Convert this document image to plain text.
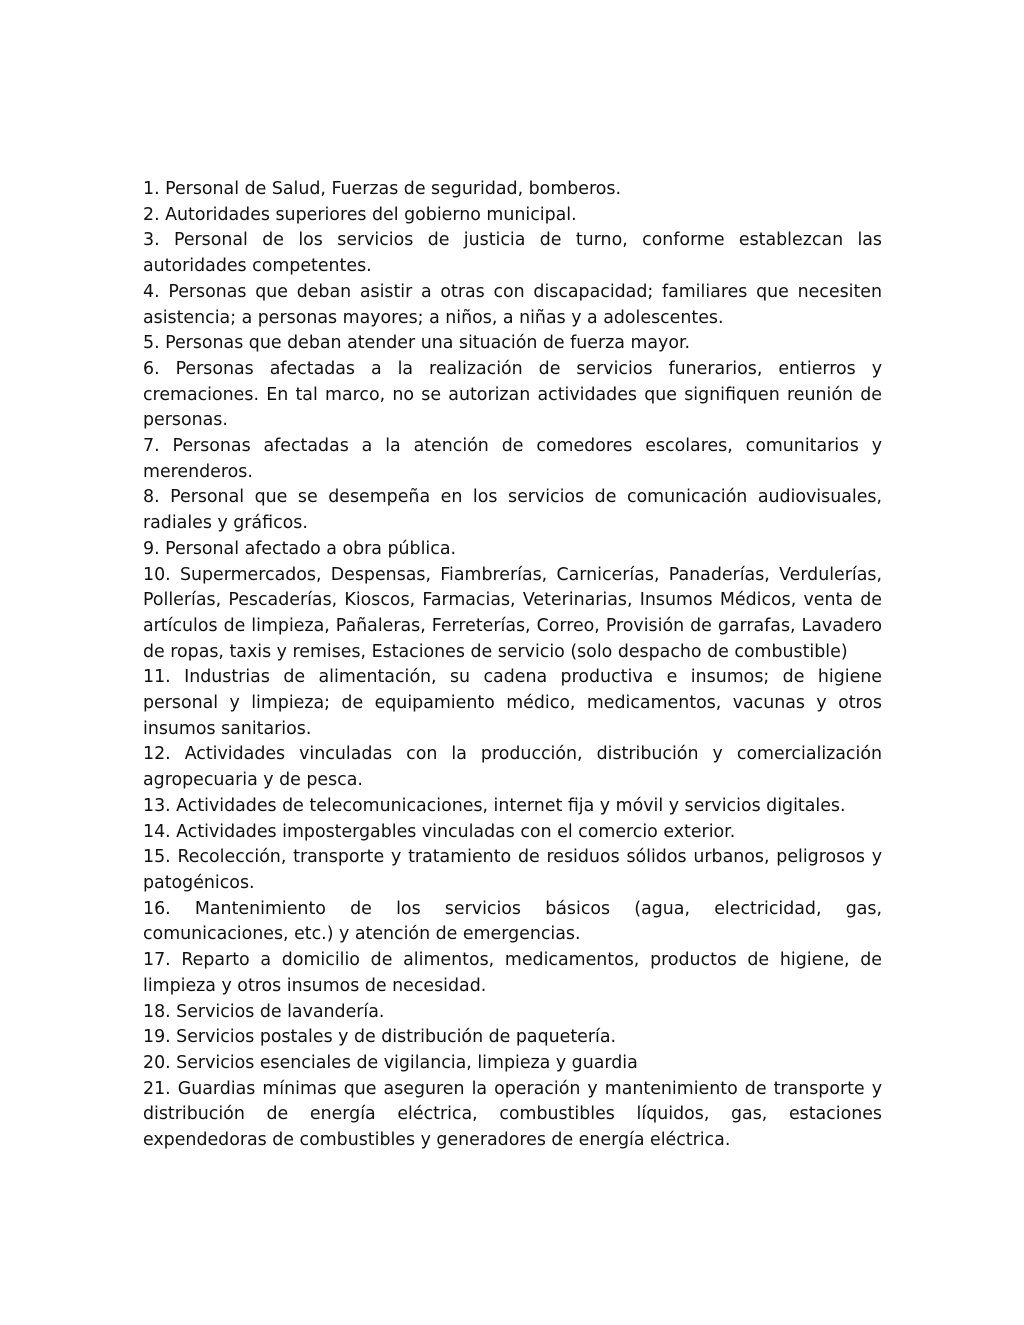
1. Personal de Salud, Fuerzas de seguridad, bomberos.

2. Autoridades superiores del gobierno municipal.

3. Personal de los servicios de justicia de turno, conforme establezcan las autoridades competentes.

4. Personas que deban asistir a otras con discapacidad; familiares que necesiten asistencia; a personas mayores; a niños, a niñas y a adolescentes.

5. Personas que deban atender una situación de fuerza mayor.

6. Personas afectadas a la realización de servicios funerarios, entierros y cremaciones. En tal marco, no se autorizan actividades que signifiquen reunión de personas.

7. Personas afectadas a la atención de comedores escolares, comunitarios y merenderos.

8. Personal que se desempeña en los servicios de comunicación audiovisuales, radiales y gráficos.

9. Personal afectado a obra pública.

10. Supermercados, Despensas, Fiambrerías, Carnicerías, Panaderías, Verdulerías, Pollerías, Pescaderías, Kioscos, Farmacias, Veterinarias, Insumos Médicos, venta de artículos de limpieza, Pañaleras, Ferreterías, Correo, Provisión de garrafas, Lavadero de ropas, taxis y remises, Estaciones de servicio (solo despacho de combustible)

11. Industrias de alimentación, su cadena productiva e insumos; de higiene personal y limpieza; de equipamiento médico, medicamentos, vacunas y otros insumos sanitarios.

12. Actividades vinculadas con la producción, distribución y comercialización agropecuaria y de pesca.

13. Actividades de telecomunicaciones, internet fija y móvil y servicios digitales.

14. Actividades impostergables vinculadas con el comercio exterior.

15. Recolección, transporte y tratamiento de residuos sólidos urbanos, peligrosos y patogénicos.

16. Mantenimiento de los servicios básicos (agua, electricidad, gas, comunicaciones, etc.) y atención de emergencias.

17. Reparto a domicilio de alimentos, medicamentos, productos de higiene, de limpieza y otros insumos de necesidad.

18. Servicios de lavandería.

19. Servicios postales y de distribución de paquetería.

20. Servicios esenciales de vigilancia, limpieza y guardia

21. Guardias mínimas que aseguren la operación y mantenimiento de transporte y distribución de energía eléctrica, combustibles líquidos, gas, estaciones expendedoras de combustibles y generadores de energía eléctrica.
